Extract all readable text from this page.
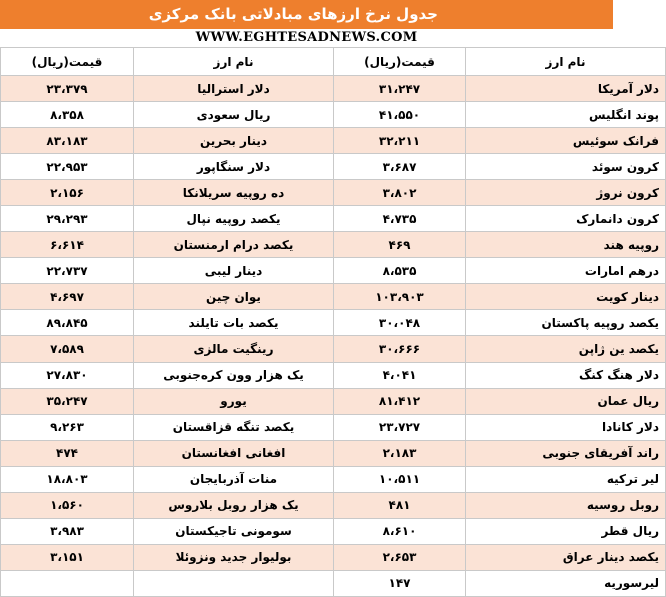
جدول نرخ ارزهای مبادلاتی بانک مرکزی
WWW.EGHTESADNEWS.COM
نام ارز	قیمت(ریال)	نام ارز	قیمت(ریال)
دلار آمریکا	۳۱،۲۴۷	دلار استرالیا	۲۳،۳۷۹
پوند انگلیس	۴۱،۵۵۰	ریال سعودی	۸،۳۵۸
فرانک سوئیس	۳۲،۲۱۱	دینار بحرین	۸۳،۱۸۳
کرون سوئد	۳،۶۸۷	دلار سنگاپور	۲۲،۹۵۳
کرون نروژ	۳،۸۰۲	ده روپیه سریلانکا	۲،۱۵۶
کرون دانمارک	۴،۷۳۵	یکصد روپیه نپال	۲۹،۲۹۳
روپیه هند	۴۶۹	یکصد درام ارمنستان	۶،۶۱۴
درهم امارات	۸،۵۳۵	دینار لیبی	۲۲،۷۳۷
دینار کویت	۱۰۳،۹۰۳	یوان چین	۴،۶۹۷
یکصد روپیه پاکستان	۳۰،۰۴۸	یکصد بات تایلند	۸۹،۸۴۵
یکصد ین ژاپن	۳۰،۶۶۶	رینگیت مالزی	۷،۵۸۹
دلار هنگ کنگ	۴،۰۴۱	یک هزار وون کره‌جنوبی	۲۷،۸۳۰
ریال عمان	۸۱،۴۱۲	یورو	۳۵،۲۴۷
دلار کانادا	۲۳،۷۲۷	یکصد تنگه قزاقستان	۹،۲۶۳
راند آفریقای جنوبی	۲،۱۸۳	افغانی افغانستان	۴۷۴
لیر ترکیه	۱۰،۵۱۱	منات آذربایجان	۱۸،۸۰۳
روبل روسیه	۴۸۱	یک هزار روبل بلاروس	۱،۵۶۰
ریال قطر	۸،۶۱۰	سومونی تاجیکستان	۳،۹۸۳
یکصد دینار عراق	۲،۶۵۳	بولیوار جدید ونزوئلا	۳،۱۵۱
لیرسوریه	۱۴۷		
